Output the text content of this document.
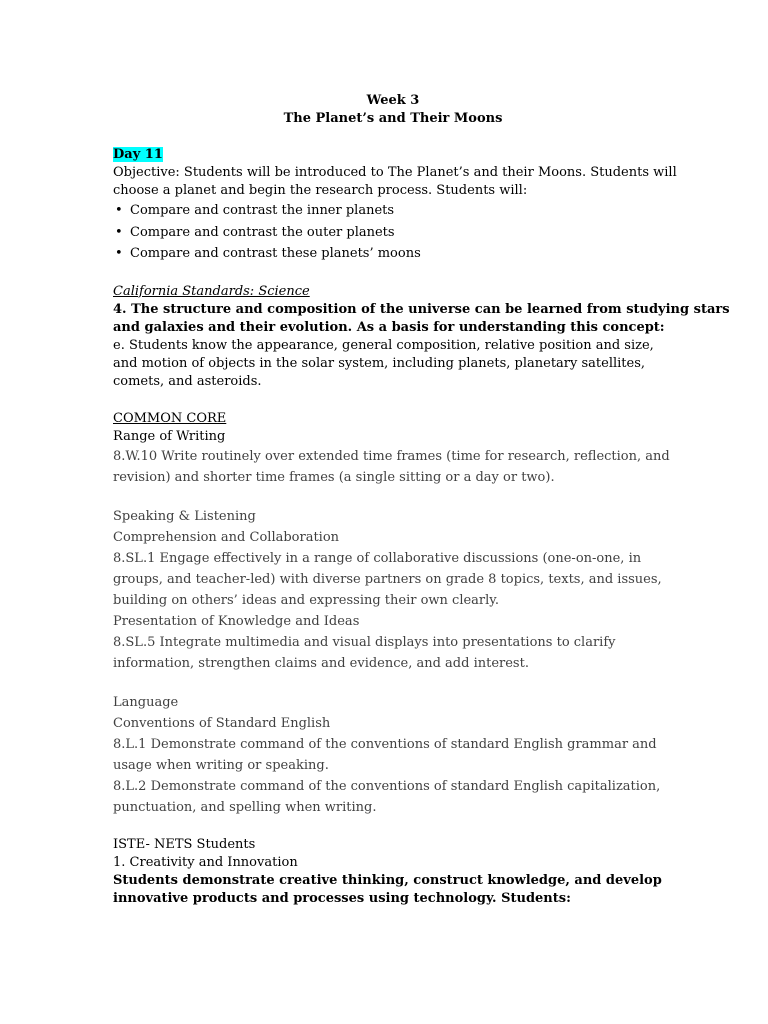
Week 3
The Planet’s and Their Moons
Day 11
Objective: Students will be introduced to The Planet’s and their Moons. Students will
choose a planet and begin the research process. Students will:
• Compare and contrast the inner planets
• Compare and contrast the outer planets
• Compare and contrast these planets’ moons
California Standards: Science
4. The structure and composition of the universe can be learned from studying stars
and galaxies and their evolution. As a basis for understanding this concept:
e. Students know the appearance, general composition, relative position and size,
and motion of objects in the solar system, including planets, planetary satellites,
comets, and asteroids.
COMMON CORE
Range of Writing
8.W.10 Write routinely over extended time frames (time for research, reflection, and
revision) and shorter time frames (a single sitting or a day or two).
Speaking & Listening
Comprehension and Collaboration
8.SL.1 Engage effectively in a range of collaborative discussions (one-on-one, in
groups, and teacher-led) with diverse partners on grade 8 topics, texts, and issues,
building on others’ ideas and expressing their own clearly.
Presentation of Knowledge and Ideas
8.SL.5 Integrate multimedia and visual displays into presentations to clarify
information, strengthen claims and evidence, and add interest.
Language
Conventions of Standard English
8.L.1 Demonstrate command of the conventions of standard English grammar and
usage when writing or speaking.
8.L.2 Demonstrate command of the conventions of standard English capitalization,
punctuation, and spelling when writing.
ISTE- NETS Students
1. Creativity and Innovation
Students demonstrate creative thinking, construct knowledge, and develop
innovative products and processes using technology. Students:
